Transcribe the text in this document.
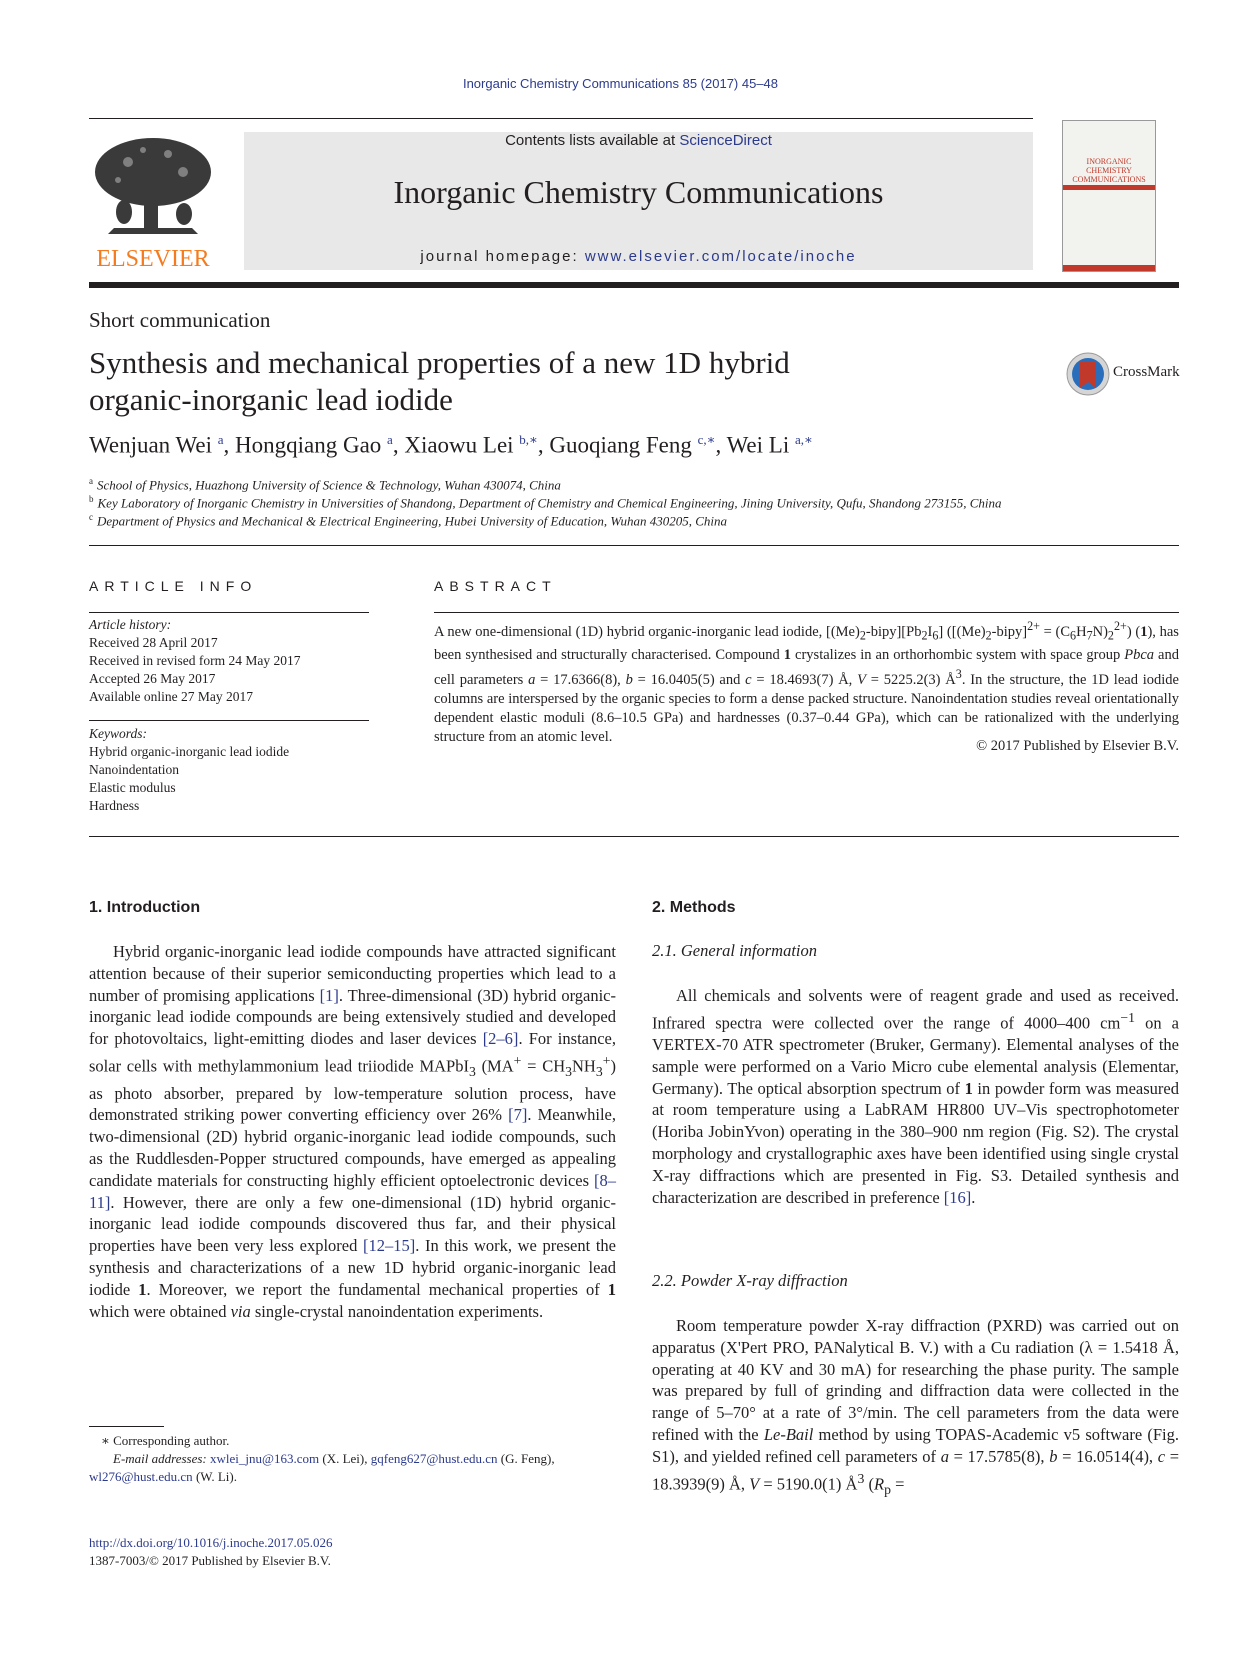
Inorganic Chemistry Communications 85 (2017) 45–48
ELSEVIER
Contents lists available at ScienceDirect
Inorganic Chemistry Communications
journal homepage: www.elsevier.com/locate/inoche
INORGANIC CHEMISTRY COMMUNICATIONS
Short communication
Synthesis and mechanical properties of a new 1D hybrid organic-inorganic lead iodide
CrossMark
Wenjuan Wei $^a$, Hongqiang Gao $^a$, Xiaowu Lei $^{b,∗}$, Guoqiang Feng $^{c,∗}$, Wei Li $^{a,∗}$
$^a$ School of Physics, Huazhong University of Science & Technology, Wuhan 430074, China
$^b$ Key Laboratory of Inorganic Chemistry in Universities of Shandong, Department of Chemistry and Chemical Engineering, Jining University, Qufu, Shandong 273155, China
$^c$ Department of Physics and Mechanical & Electrical Engineering, Hubei University of Education, Wuhan 430205, China
ARTICLE INFO
Article history:
Received 28 April 2017
Received in revised form 24 May 2017
Accepted 26 May 2017
Available online 27 May 2017
Keywords:
Hybrid organic-inorganic lead iodide
Nanoindentation
Elastic modulus
Hardness
ABSTRACT
A new one-dimensional (1D) hybrid organic-inorganic lead iodide, $[(Me)_2-bipy][Pb_2I_6]$ $([(Me)_2-bipy]^{2+} = (C_6H_7N)_2^{2+})$ (1), has been synthesised and structurally characterised. Compound 1 crystalizes in an orthorhombic system with space group Pbca and cell parameters a = 17.6366(8), b = 16.0405(5) and c = 18.4693(7) Å, V = 5225.2(3) $Å^3$. In the structure, the 1D lead iodide columns are interspersed by the organic species to form a dense packed structure. Nanoindentation studies reveal orientationally dependent elastic moduli (8.6–10.5 GPa) and hardnesses (0.37–0.44 GPa), which can be rationalized with the underlying structure from an atomic level.
© 2017 Published by Elsevier B.V.
1. Introduction

Hybrid organic-inorganic lead iodide compounds have attracted significant attention because of their superior semiconducting properties which lead to a number of promising applications [1]. Three-dimensional (3D) hybrid organic-inorganic lead iodide compounds are being extensively studied and developed for photovoltaics, light-emitting diodes and laser devices [2–6]. For instance, solar cells with methylammonium lead triiodide MAPbI$_3$ $(MA^+ = CH_3NH_3^+)$ as photo absorber, prepared by low-temperature solution process, have demonstrated striking power converting efficiency over 26% [7]. Meanwhile, two-dimensional (2D) hybrid organic-inorganic lead iodide compounds, such as the Ruddlesden-Popper structured compounds, have emerged as appealing candidate materials for constructing highly efficient optoelectronic devices [8–11]. However, there are only a few one-dimensional (1D) hybrid organic-inorganic lead iodide compounds discovered thus far, and their physical properties have been very less explored [12–15]. In this work, we present the synthesis and characterizations of a new 1D hybrid organic-inorganic lead iodide 1. Moreover, we report the fundamental mechanical properties of 1 which were obtained via single-crystal nanoindentation experiments.

∗ Corresponding author.
E-mail addresses: xwlei_jnu@163.com (X. Lei), gqfeng627@hust.edu.cn (G. Feng),
wl276@hust.edu.cn (W. Li).
http://dx.doi.org/10.1016/j.inoche.2017.05.026
1387-7003/© 2017 Published by Elsevier B.V.
2. Methods
2.1. General information

All chemicals and solvents were of reagent grade and used as received. Infrared spectra were collected over the range of 4000–400 $cm^{-1}$ on a VERTEX-70 ATR spectrometer (Bruker, Germany). Elemental analyses of the sample were performed on a Vario Micro cube elemental analysis (Elementar, Germany). The optical absorption spectrum of 1 in powder form was measured at room temperature using a LabRAM HR800 UV–Vis spectrophotometer (Horiba JobinYvon) operating in the 380–900 nm region (Fig. S2). The crystal morphology and crystallographic axes have been identified using single crystal X-ray diffractions which are presented in Fig. S3. Detailed synthesis and characterization are described in preference [16].

2.2. Powder X-ray diffraction

Room temperature powder X-ray diffraction (PXRD) was carried out on apparatus (X'Pert PRO, PANalytical B. V.) with a Cu radiation (λ = 1.5418 Å, operating at 40 KV and 30 mA) for researching the phase purity. The sample was prepared by full of grinding and diffraction data were collected in the range of 5–70° at a rate of 3°/min. The cell parameters from the data were refined with the Le-Bail method by using TOPAS-Academic v5 software (Fig. S1), and yielded refined cell parameters of a = 17.5785(8), b = 16.0514(4), c = 18.3939(9) Å, V = 5190.0(1) $Å^3$ ($R_p$ =
